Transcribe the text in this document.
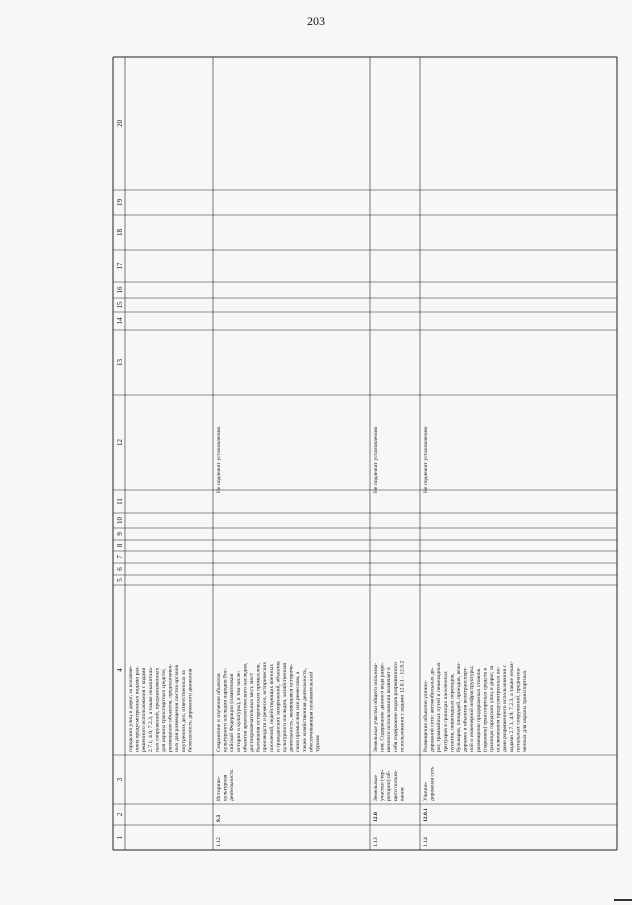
203
1
2
3
4
5
6
7
8
9
10
11
12
13
14
15
16
17
18
19
20
городских улиц и дорог, за исключе- нием предусмотренных видами раз- решенного использования с кодами 2.7.1, 4.9, 7.2.3, а также некапиталь- ных сооружений, предназначенных для охраны транспортных средств; размещение объектов, предназначен- ных для размещения постов органов внутренних дел, ответственных за безопасность дорожного движения
1.12
9.3
Историко- культурная деятельность
Сохранение и изучение объектов культурного наследия народов Рос- сийской Федерации (памятников истории и культуры), в том числе: объектов археологического наследия, достопримечательных мест, мест бытования исторических промыслов, производств и ремесел, исторических поселений, недействующих военных и гражданских захоронений, объектов культурного наследия, хозяйственная деятельность, являющаяся историче- ским промыслом или ремеслом, а также хозяйственная деятельность, обеспечивающая познавательный туризм
Не подлежит установлению
1.13
12.0
Земельные участки (тер- ритории) об- щего пользо- вания
Земельные участки общего пользова- ния. Содержание данного вида разре- шенного использования включает в себя содержание видов разрешенного использования с кодами 12.0.1 - 12.0.2
Не подлежит установлению
1.14
12.0.1
Улично- дорожная сеть
Размещение объектов улично- дорожной сети: автомобильных до- рог, трамвайных путей и пешеходных тротуаров в границах населенных пунктов, пешеходных переходов, бульваров, площадей, проездов, вело- дорожек и объектов велотранспорт- ной и инженерной инфраструктуры; размещение придорожных стоянок (парковок) транспортных средств в границах городских улиц и дорог, за исключением предусмотренных ви- дами разрешенного использования с кодами 2.7.1, 4.9, 7.2.3, а также неках- питальных сооружений, предназна- ченных для охраны транспортных
Не подлежит установлению
